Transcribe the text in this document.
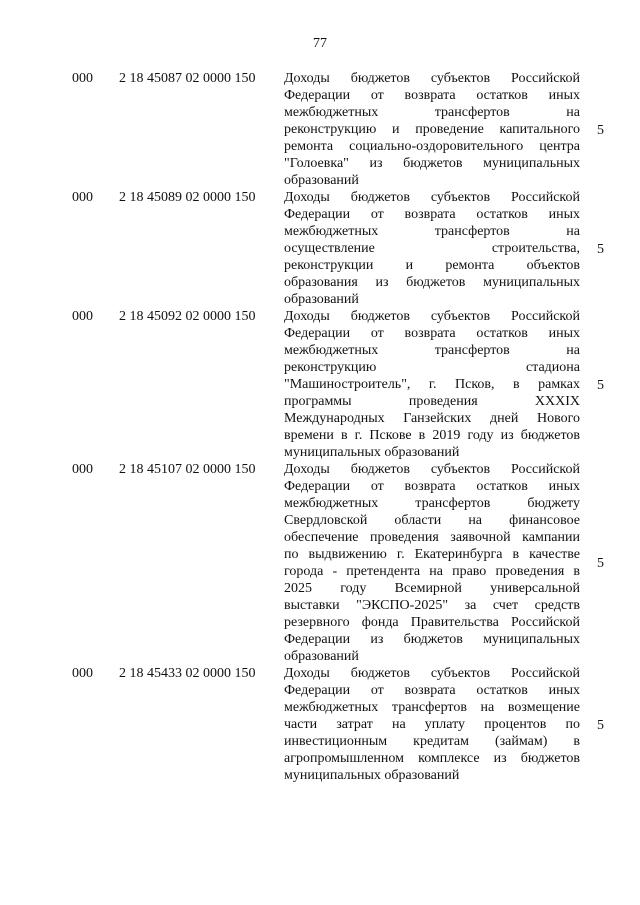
77
000	2 18 45087 02 0000 150	Доходы бюджетов субъектов Российской
Федерации от возврата остатков иных
межбюджетных трансфертов на
реконструкцию и проведение капитального
ремонта социально-оздоровительного центра
"Голоевка" из бюджетов муниципальных
образований
5
000	2 18 45089 02 0000 150	Доходы бюджетов субъектов Российской
Федерации от возврата остатков иных
межбюджетных трансфертов на
осуществление строительства,
реконструкции и ремонта объектов
образования из бюджетов муниципальных
образований
5
000	2 18 45092 02 0000 150	Доходы бюджетов субъектов Российской
Федерации от возврата остатков иных
межбюджетных трансфертов на
реконструкцию стадиона
"Машиностроитель", г. Псков, в рамках
программы проведения XXXIX
Международных Ганзейских дней Нового
времени в г. Пскове в 2019 году из бюджетов
муниципальных образований
5
000	2 18 45107 02 0000 150	Доходы бюджетов субъектов Российской
Федерации от возврата остатков иных
межбюджетных трансфертов бюджету
Свердловской области на финансовое
обеспечение проведения заявочной кампании
по выдвижению г. Екатеринбурга в качестве
города - претендента на право проведения в
2025 году Всемирной универсальной
выставки "ЭКСПО-2025" за счет средств
резервного фонда Правительства Российской
Федерации из бюджетов муниципальных
образований
5
000	2 18 45433 02 0000 150	Доходы бюджетов субъектов Российской
Федерации от возврата остатков иных
межбюджетных трансфертов на возмещение
части затрат на уплату процентов по
инвестиционным кредитам (займам) в
агропромышленном комплексе из бюджетов
муниципальных образований
5
